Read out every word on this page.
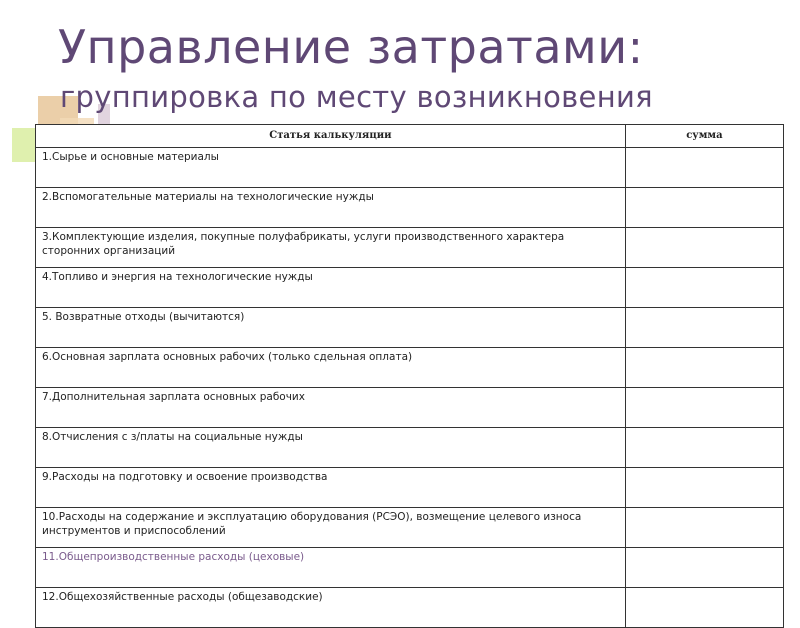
Управление затратами:
группировка по месту возникновения
Статья калькуляции	сумма
1.Сырье и основные материалы	
2.Вспомогательные материалы на технологические нужды	
3.Комплектующие изделия, покупные полуфабрикаты, услуги производственного характера сторонних организаций	
4.Топливо и энергия на технологические нужды	
5. Возвратные отходы (вычитаются)	
6.Основная зарплата основных рабочих (только сдельная оплата)	
7.Дополнительная зарплата основных рабочих	
8.Отчисления с з/платы на социальные нужды	
9.Расходы на подготовку и освоение производства	
10.Расходы на содержание и эксплуатацию оборудования (РСЭО), возмещение целевого износа инструментов и приспособлений	
11.Общепроизводственные расходы (цеховые)	
12.Общехозяйственные расходы (общезаводские)	
